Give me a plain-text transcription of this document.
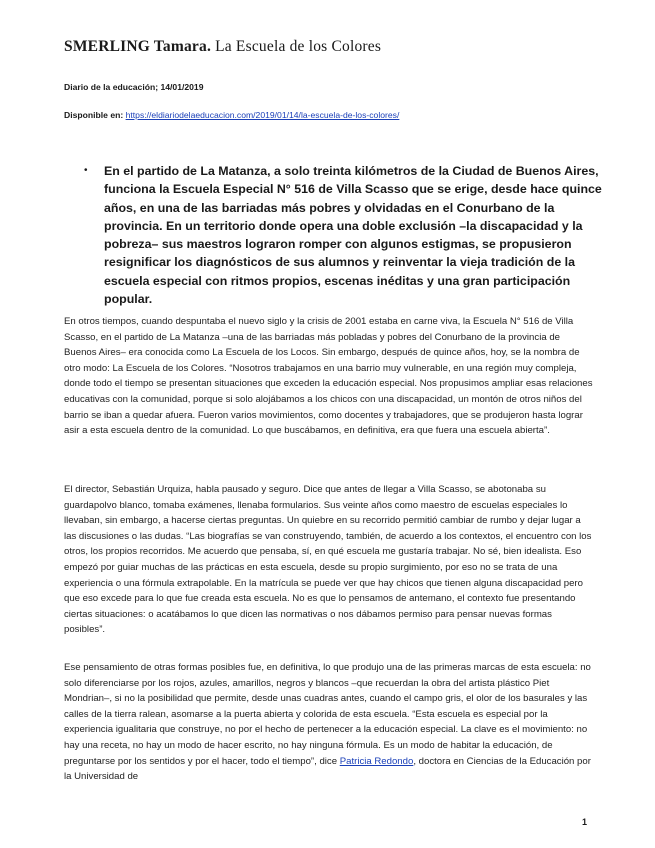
SMERLING Tamara. La Escuela de los Colores
Diario de la educación; 14/01/2019
Disponible en: https://eldiariodelaeducacion.com/2019/01/14/la-escuela-de-los-colores/
• En el partido de La Matanza, a solo treinta kilómetros de la Ciudad de Buenos Aires, funciona la Escuela Especial N° 516 de Villa Scasso que se erige, desde hace quince años, en una de las barriadas más pobres y olvidadas en el Conurbano de la provincia. En un territorio donde opera una doble exclusión –la discapacidad y la pobreza– sus maestros lograron romper con algunos estigmas, se propusieron resignificar los diagnósticos de sus alumnos y reinventar la vieja tradición de la escuela especial con ritmos propios, escenas inéditas y una gran participación popular.

En otros tiempos, cuando despuntaba el nuevo siglo y la crisis de 2001 estaba en carne viva, la Escuela N° 516 de Villa Scasso, en el partido de La Matanza –una de las barriadas más pobladas y pobres del Conurbano de la provincia de Buenos Aires– era conocida como La Escuela de los Locos. Sin embargo, después de quince años, hoy, se la nombra de otro modo: La Escuela de los Colores. “Nosotros trabajamos en una barrio muy vulnerable, en una región muy compleja, donde todo el tiempo se presentan situaciones que exceden la educación especial. Nos propusimos ampliar esas relaciones educativas con la comunidad, porque si solo alojábamos a los chicos con una discapacidad, un montón de otros niños del barrio se iban a quedar afuera. Fueron varios movimientos, como docentes y trabajadores, que se produjeron hasta lograr asir a esta escuela dentro de la comunidad. Lo que buscábamos, en definitiva, era que fuera una escuela abierta”.

El director, Sebastián Urquiza, habla pausado y seguro. Dice que antes de llegar a Villa Scasso, se abotonaba su guardapolvo blanco, tomaba exámenes, llenaba formularios. Sus veinte años como maestro de escuelas especiales lo llevaban, sin embargo, a hacerse ciertas preguntas. Un quiebre en su recorrido permitió cambiar de rumbo y dejar lugar a las discusiones o las dudas. “Las biografías se van construyendo, también, de acuerdo a los contextos, el encuentro con los otros, los propios recorridos. Me acuerdo que pensaba, sí, en qué escuela me gustaría trabajar. No sé, bien idealista. Eso empezó por guiar muchas de las prácticas en esta escuela, desde su propio surgimiento, por eso no se trata de una experiencia o una fórmula extrapolable. En la matrícula se puede ver que hay chicos que tienen alguna discapacidad pero que eso excede para lo que fue creada esta escuela. No es que lo pensamos de antemano, el contexto fue presentando ciertas situaciones: o acatábamos lo que dicen las normativas o nos dábamos permiso para pensar nuevas formas posibles”.

Ese pensamiento de otras formas posibles fue, en definitiva, lo que produjo una de las primeras marcas de esta escuela: no solo diferenciarse por los rojos, azules, amarillos, negros y blancos –que recuerdan la obra del artista plástico Piet Mondrian–, si no la posibilidad que permite, desde unas cuadras antes, cuando el campo gris, el olor de los basurales y las calles de la tierra ralean, asomarse a la puerta abierta y colorida de esta escuela. “Esta escuela es especial por la experiencia igualitaria que construye, no por el hecho de pertenecer a la educación especial. La clave es el movimiento: no hay una receta, no hay un modo de hacer escrito, no hay ninguna fórmula. Es un modo de habitar la educación, de preguntarse por los sentidos y por el hacer, todo el tiempo”, dice Patricia Redondo, doctora en Ciencias de la Educación por la Universidad de

1
